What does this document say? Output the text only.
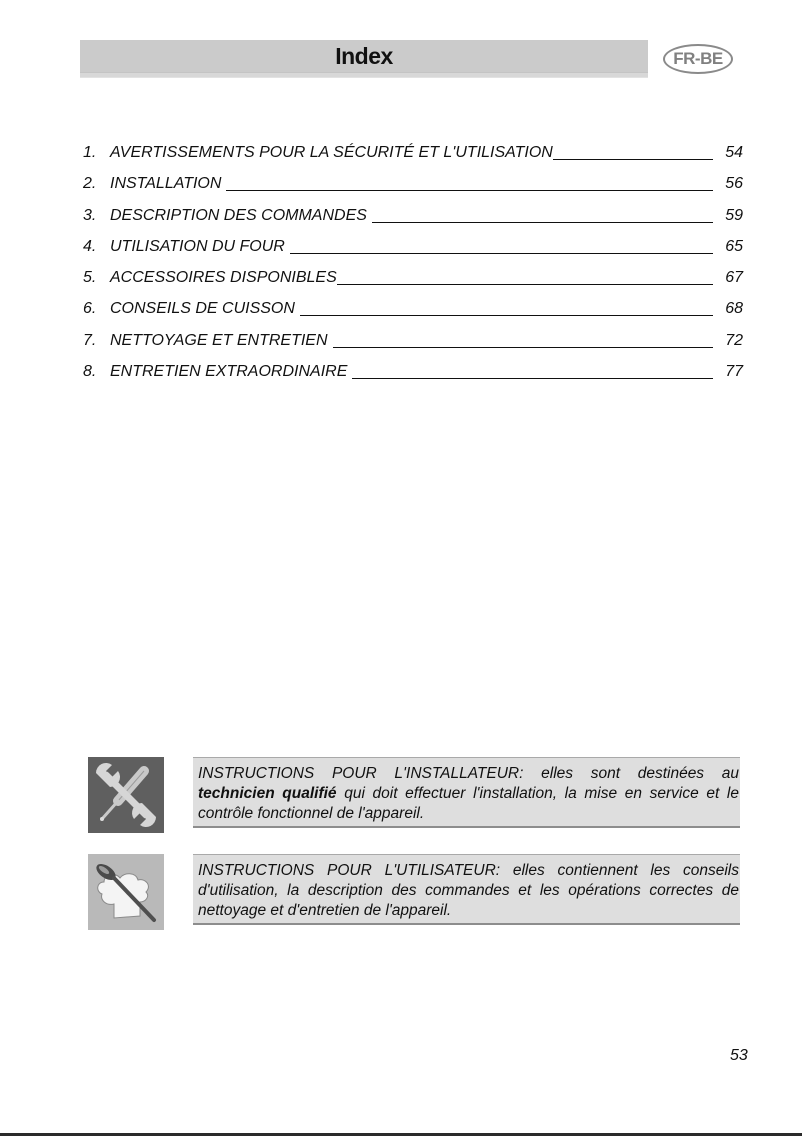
Index	FR-BE
1. AVERTISSEMENTS POUR LA SÉCURITÉ ET L'UTILISATION	54
2. INSTALLATION	56
3. DESCRIPTION DES COMMANDES	59
4. UTILISATION DU FOUR	65
5. ACCESSOIRES DISPONIBLES	67
6. CONSEILS DE CUISSON	68
7. NETTOYAGE ET ENTRETIEN	72
8. ENTRETIEN EXTRAORDINAIRE	77
INSTRUCTIONS POUR L'INSTALLATEUR: elles sont destinées au technicien qualifié qui doit effectuer l'installation, la mise en service et le contrôle fonctionnel de l'appareil.
INSTRUCTIONS POUR L'UTILISATEUR: elles contiennent les conseils d'utilisation, la description des commandes et les opérations correctes de nettoyage et d'entretien de l'appareil.
53
